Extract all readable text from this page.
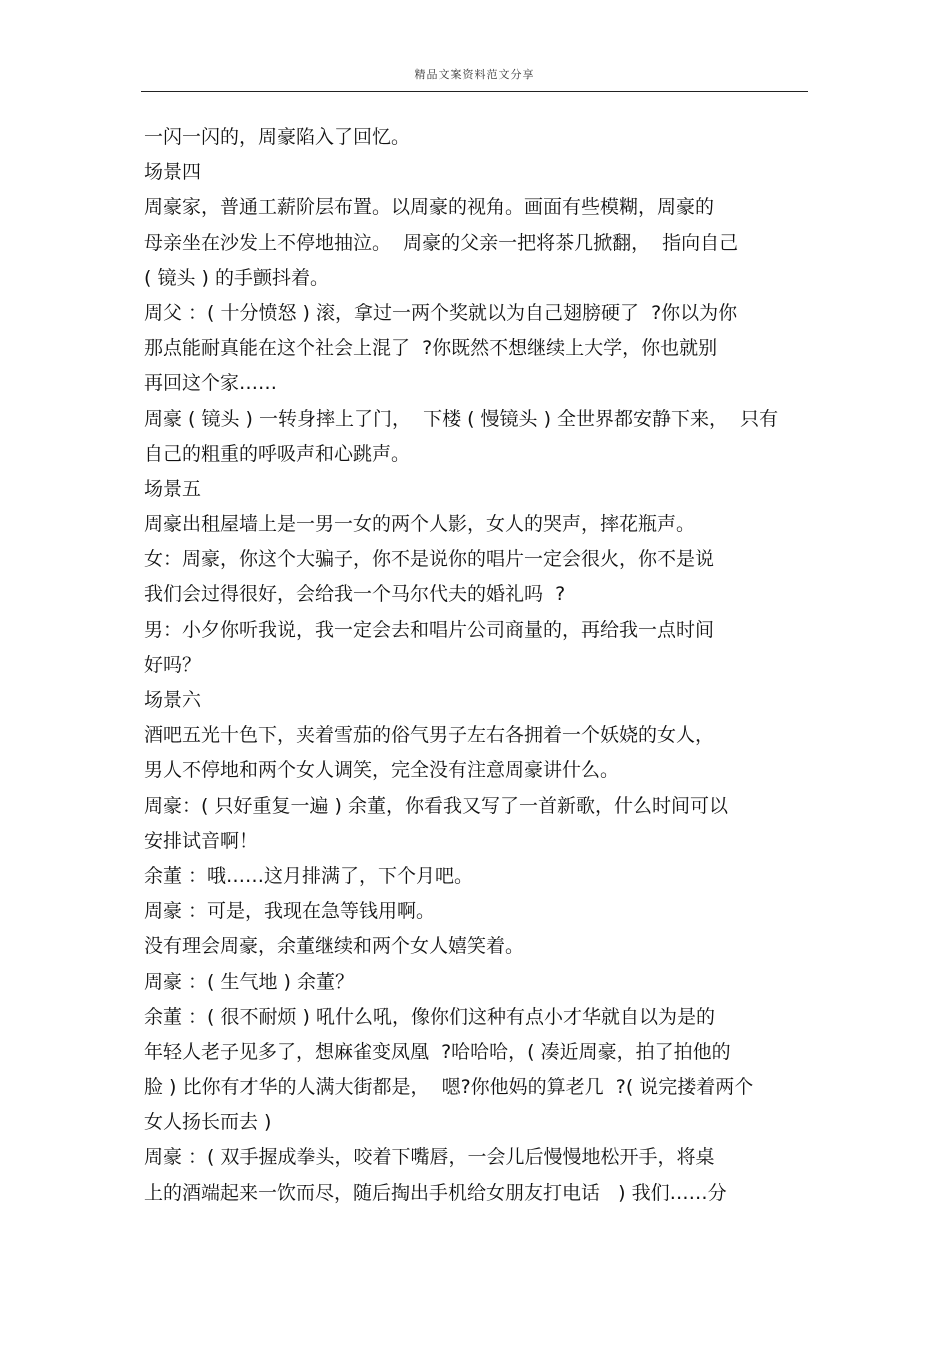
精品文案资料范文分享
一闪一闪的，周豪陷入了回忆。
场景四
周豪家，普通工薪阶层布置。以周豪的视角。画面有些模糊，周豪的
母亲坐在沙发上不停地抽泣。  周豪的父亲一把将茶几掀翻，  指向自己
( 镜头 ) 的手颤抖着。
周父 ：( 十分愤怒 ) 滚，拿过一两个奖就以为自己翅膀硬了  ?你以为你
那点能耐真能在这个社会上混了  ?你既然不想继续上大学，你也就别
再回这个家……
周豪 ( 镜头 ) 一转身摔上了门，  下楼 ( 慢镜头 ) 全世界都安静下来，  只有
自己的粗重的呼吸声和心跳声。
场景五
周豪出租屋墙上是一男一女的两个人影，女人的哭声，摔花瓶声。
女：周豪，你这个大骗子，你不是说你的唱片一定会很火，你不是说
我们会过得很好，会给我一个马尔代夫的婚礼吗  ?
男：小夕你听我说，我一定会去和唱片公司商量的，再给我一点时间
好吗？
场景六
酒吧五光十色下，夹着雪茄的俗气男子左右各拥着一个妖娆的女人，
男人不停地和两个女人调笑，完全没有注意周豪讲什么。
周豪：( 只好重复一遍 ) 余董，你看我又写了一首新歌，什么时间可以
安排试音啊！
余董 ：哦……这月排满了，下个月吧。
周豪 ：可是，我现在急等钱用啊。
没有理会周豪，余董继续和两个女人嬉笑着。
周豪 ：( 生气地 ) 余董？
余董 ：( 很不耐烦 ) 吼什么吼，像你们这种有点小才华就自以为是的
年轻人老子见多了，想麻雀变凤凰  ?哈哈哈，( 凑近周豪，拍了拍他的
脸 ) 比你有才华的人满大街都是，  嗯?你他妈的算老几  ?( 说完搂着两个
女人扬长而去 )
周豪 ：( 双手握成拳头，咬着下嘴唇，一会儿后慢慢地松开手，将桌
上的酒端起来一饮而尽，随后掏出手机给女朋友打电话   ) 我们……分
